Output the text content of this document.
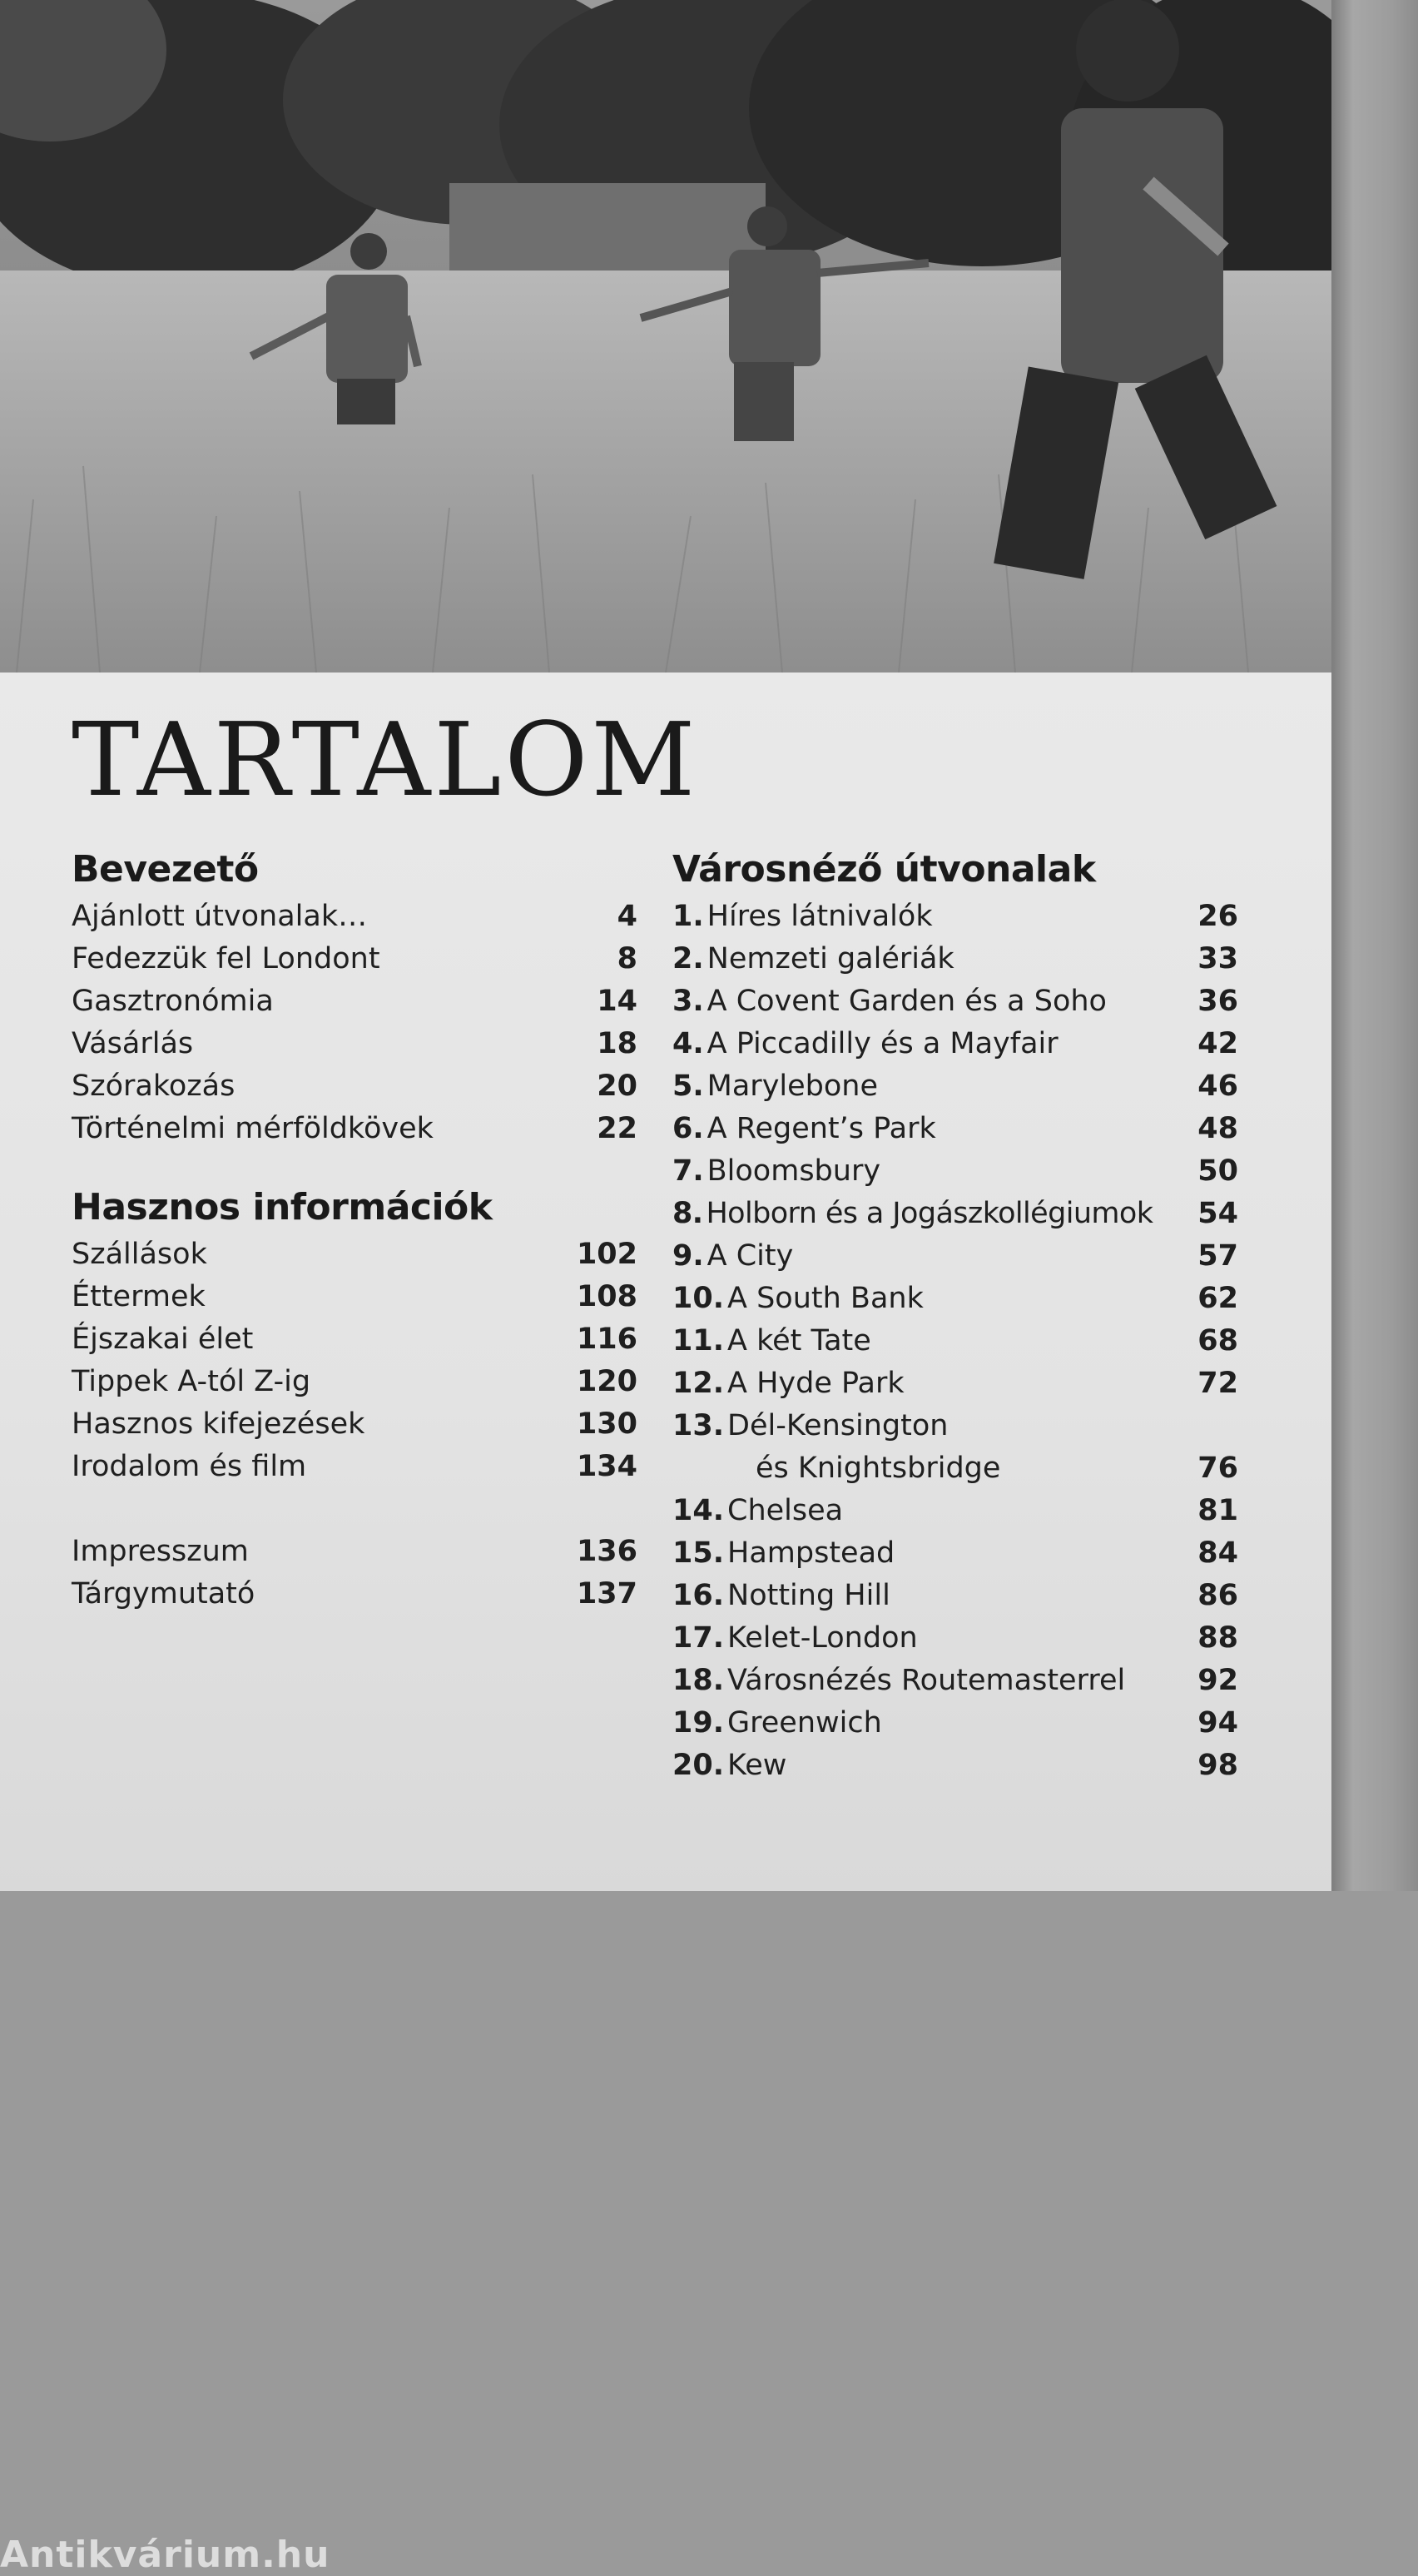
TARTALOM
Bevezető
Ajánlott útvonalak…	4
Fedezzük fel Londont	8
Gasztronómia	14
Vásárlás	18
Szórakozás	20
Történelmi mérföldkövek	22
Hasznos információk
Szállások	102
Éttermek	108
Éjszakai élet	116
Tippek A-tól Z-ig	120
Hasznos kifejezések	130
Irodalom és film	134
Impresszum	136
Tárgymutató	137
Városnéző útvonalak
1. Híres látnivalók	26
2. Nemzeti galériák	33
3. A Covent Garden és a Soho	36
4. A Piccadilly és a Mayfair	42
5. Marylebone	46
6. A Regent’s Park	48
7. Bloomsbury	50
8. Holborn és a Jogászkollégiumok	54
9. A City	57
10. A South Bank	62
11. A két Tate	68
12. A Hyde Park	72
13. Dél-Kensington
és Knightsbridge	76
14. Chelsea	81
15. Hampstead	84
16. Notting Hill	86
17. Kelet-London	88
18. Városnézés Routemasterrel	92
19. Greenwich	94
20. Kew	98
Antikvárium.hu
